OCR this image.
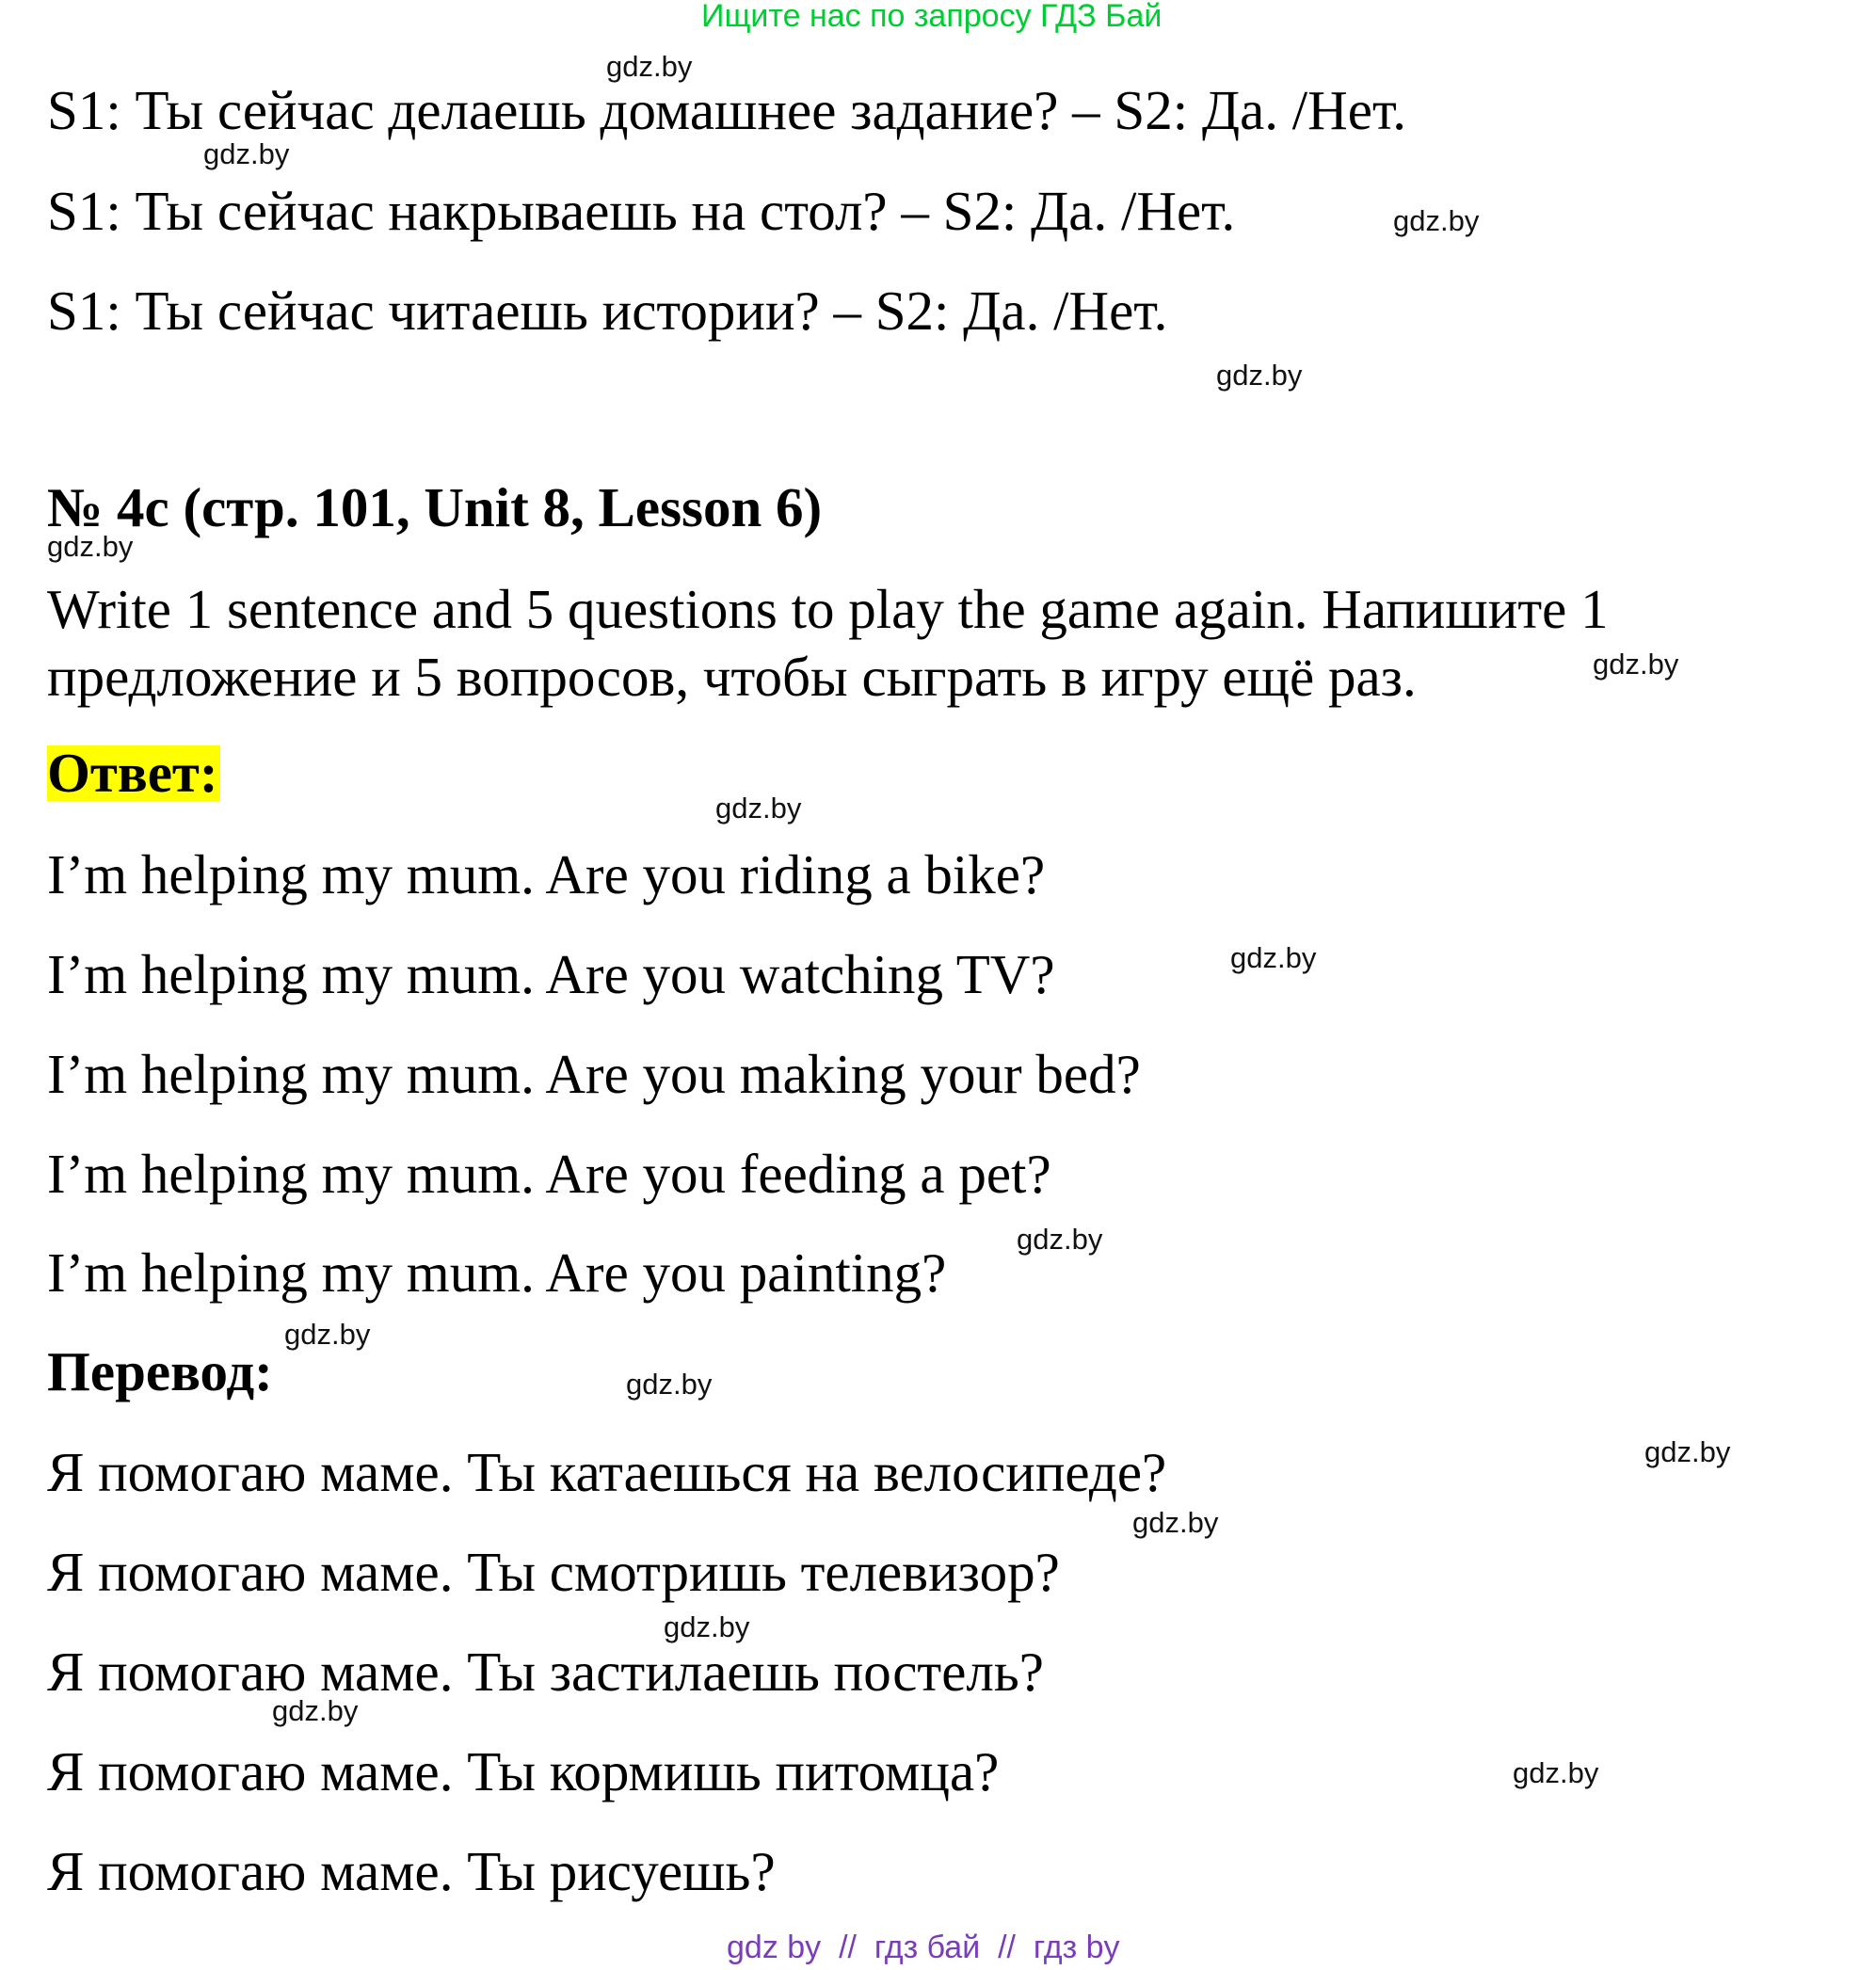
Ищите нас по запросу ГДЗ Бай
S1: Ты сейчас делаешь домашнее задание? – S2: Да. /Нет.
S1: Ты сейчас накрываешь на стол? – S2: Да. /Нет.
S1: Ты сейчас читаешь истории? – S2: Да. /Нет.
№ 4c (стр. 101, Unit 8, Lesson 6)
Write 1 sentence and 5 questions to play the game again. Напишите 1
предложение и 5 вопросов, чтобы сыграть в игру ещё раз.
Ответ:
I’m helping my mum. Are you riding a bike?
I’m helping my mum. Are you watching TV?
I’m helping my mum. Are you making your bed?
I’m helping my mum. Are you feeding a pet?
I’m helping my mum. Are you painting?
Перевод:
Я помогаю маме. Ты катаешься на велосипеде?
Я помогаю маме. Ты смотришь телевизор?
Я помогаю маме. Ты застилаешь постель?
Я помогаю маме. Ты кормишь питомца?
Я помогаю маме. Ты рисуешь?
gdz.by
gdz.by
gdz.by
gdz.by
gdz.by
gdz.by
gdz.by
gdz.by
gdz.by
gdz.by
gdz.by
gdz.by
gdz.by
gdz.by
gdz.by
gdz.by
gdz by  //  гдз бай  //  гдз by
